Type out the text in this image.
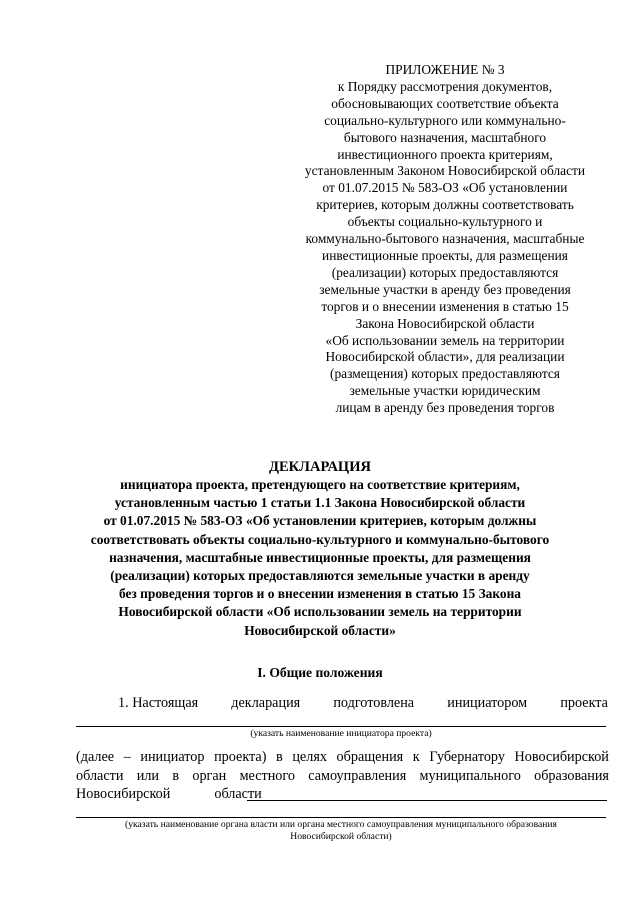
ПРИЛОЖЕНИЕ № 3
к Порядку рассмотрения документов,
обосновывающих соответствие объекта
социально-культурного или коммунально-
бытового назначения, масштабного
инвестиционного проекта критериям,
установленным Законом Новосибирской области
от 01.07.2015 № 583-ОЗ «Об установлении
критериев, которым должны соответствовать
объекты социально-культурного и
коммунально-бытового назначения, масштабные
инвестиционные проекты, для размещения
(реализации) которых предоставляются
земельные участки в аренду без проведения
торгов и о внесении изменения в статью 15
Закона Новосибирской области
«Об использовании земель на территории
Новосибирской области», для реализации
(размещения) которых предоставляются
земельные участки юридическим
лицам в аренду без проведения торгов
ДЕКЛАРАЦИЯ
инициатора проекта, претендующего на соответствие критериям,
установленным частью 1 статьи 1.1 Закона Новосибирской области
от 01.07.2015 № 583-ОЗ «Об установлении критериев, которым должны
соответствовать объекты социально-культурного и коммунально-бытового
назначения, масштабные инвестиционные проекты, для размещения
(реализации) которых предоставляются земельные участки в аренду
без проведения торгов и о внесении изменения в статью 15 Закона
Новосибирской области «Об использовании земель на территории
Новосибирской области»
I. Общие положения
1. Настоящая декларация подготовлена инициатором проекта
(указать наименование инициатора проекта)
(далее – инициатор проекта) в целях обращения к Губернатору Новосибирской
области или в орган местного самоуправления муниципального образования
Новосибирской	области
(указать наименование органа власти или органа местного самоуправления муниципального образования
Новосибирской области)
